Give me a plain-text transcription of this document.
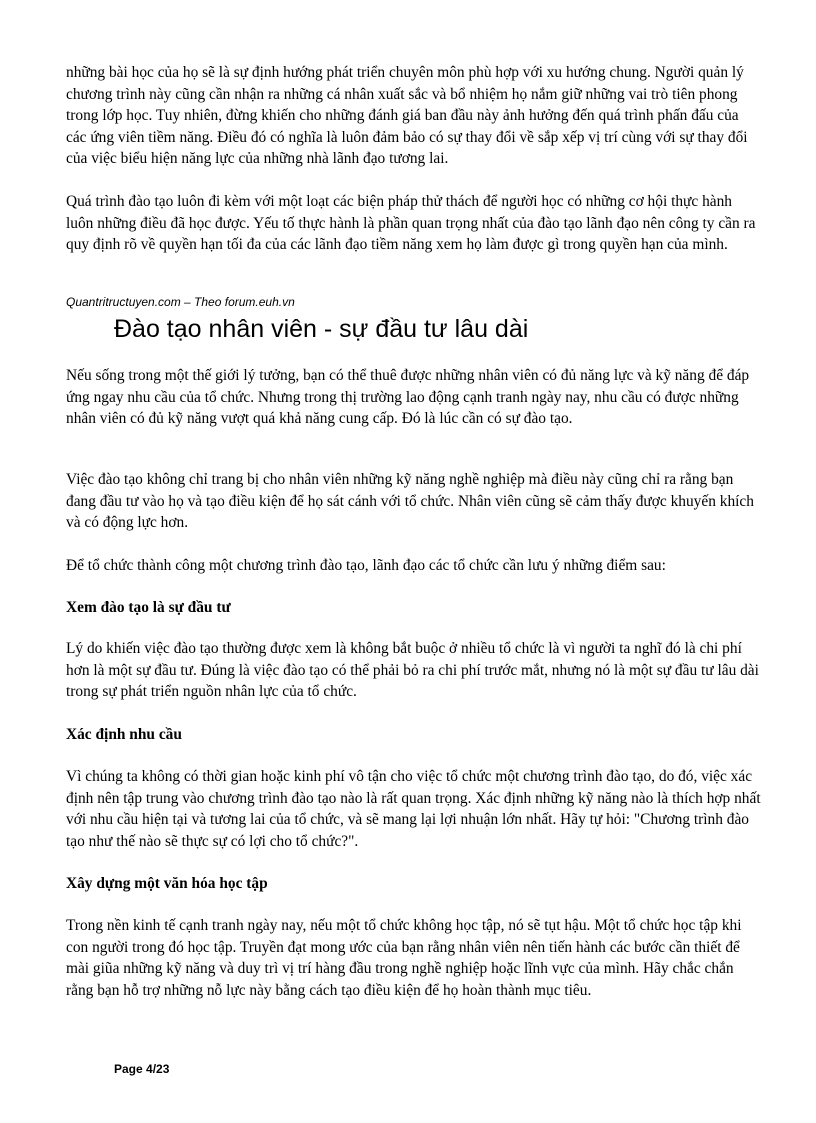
những bài học của họ sẽ là sự định hướng phát triển chuyên môn phù hợp với xu hướng chung. Người quản lý chương trình này cũng cần nhận ra những cá nhân xuất sắc và bổ nhiệm họ nắm giữ những vai trò tiên phong trong lớp học. Tuy nhiên, đừng khiến cho những đánh giá ban đầu này ảnh hưởng đến quá trình phấn đấu của các ứng viên tiềm năng. Điều đó có nghĩa là luôn đảm bảo có sự thay đổi về sắp xếp vị trí cùng với sự thay đổi của việc biểu hiện năng lực của những nhà lãnh đạo tương lai.

Quá trình đào tạo luôn đi kèm với một loạt các biện pháp thử thách để người học có những cơ hội thực hành luôn những điều đã học được. Yếu tố thực hành là phần quan trọng nhất của đào tạo lãnh đạo nên công ty cần ra quy định rõ về quyền hạn tối đa của các lãnh đạo tiềm năng xem họ làm được gì trong quyền hạn của mình.

Quantritructuyen.com – Theo forum.euh.vn
Đào tạo nhân viên - sự đầu tư lâu dài

Nếu sống trong một thế giới lý tưởng, bạn có thể thuê được những nhân viên có đủ năng lực và kỹ năng để đáp ứng ngay nhu cầu của tổ chức. Nhưng trong thị trường lao động cạnh tranh ngày nay, nhu cầu có được những nhân viên có đủ kỹ năng vượt quá khả năng cung cấp. Đó là lúc cần có sự đào tạo.

Việc đào tạo không chỉ trang bị cho nhân viên những kỹ năng nghề nghiệp mà điều này cũng chỉ ra rằng bạn đang đầu tư vào họ và tạo điều kiện để họ sát cánh với tổ chức. Nhân viên cũng sẽ cảm thấy được khuyến khích và có động lực hơn.

Để tổ chức thành công một chương trình đào tạo, lãnh đạo các tổ chức cần lưu ý những điểm sau:

Xem đào tạo là sự đầu tư

Lý do khiến việc đào tạo thường được xem là không bắt buộc ở nhiều tổ chức là vì người ta nghĩ đó là chi phí hơn là một sự đầu tư. Đúng là việc đào tạo có thể phải bỏ ra chi phí trước mắt, nhưng nó là một sự đầu tư lâu dài trong sự phát triển nguồn nhân lực của tổ chức.

Xác định nhu cầu

Vì chúng ta không có thời gian hoặc kinh phí vô tận cho việc tổ chức một chương trình đào tạo, do đó, việc xác định nên tập trung vào chương trình đào tạo nào là rất quan trọng. Xác định những kỹ năng nào là thích hợp nhất với nhu cầu hiện tại và tương lai của tổ chức, và sẽ mang lại lợi nhuận lớn nhất. Hãy tự hỏi: "Chương trình đào tạo như thế nào sẽ thực sự có lợi cho tổ chức?".

Xây dựng một văn hóa học tập

Trong nền kinh tế cạnh tranh ngày nay, nếu một tổ chức không học tập, nó sẽ tụt hậu. Một tổ chức học tập khi con người trong đó học tập. Truyền đạt mong ước của bạn rằng nhân viên nên tiến hành các bước cần thiết để mài giũa những kỹ năng và duy trì vị trí hàng đầu trong nghề nghiệp hoặc lĩnh vực của mình. Hãy chắc chắn rằng bạn hỗ trợ những nỗ lực này bằng cách tạo điều kiện để họ hoàn thành mục tiêu.

Page 4/23
